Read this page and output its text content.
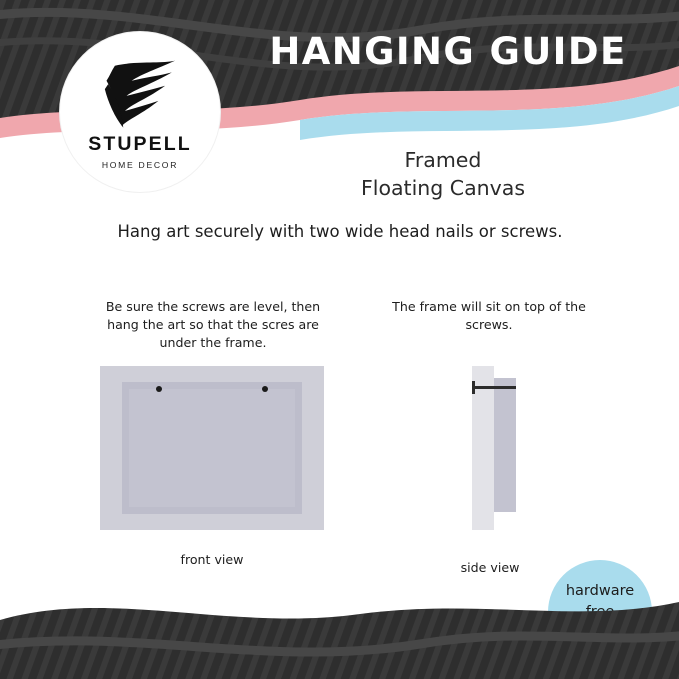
STUPELL
HOME DECOR
HANGING GUIDE
Framed
Floating Canvas
Hang art securely with two wide head nails or screws.
Be sure the screws are level, then hang the art so that the scres are under the frame.
The frame will sit on top of the screws.
front view
side view
hardware
